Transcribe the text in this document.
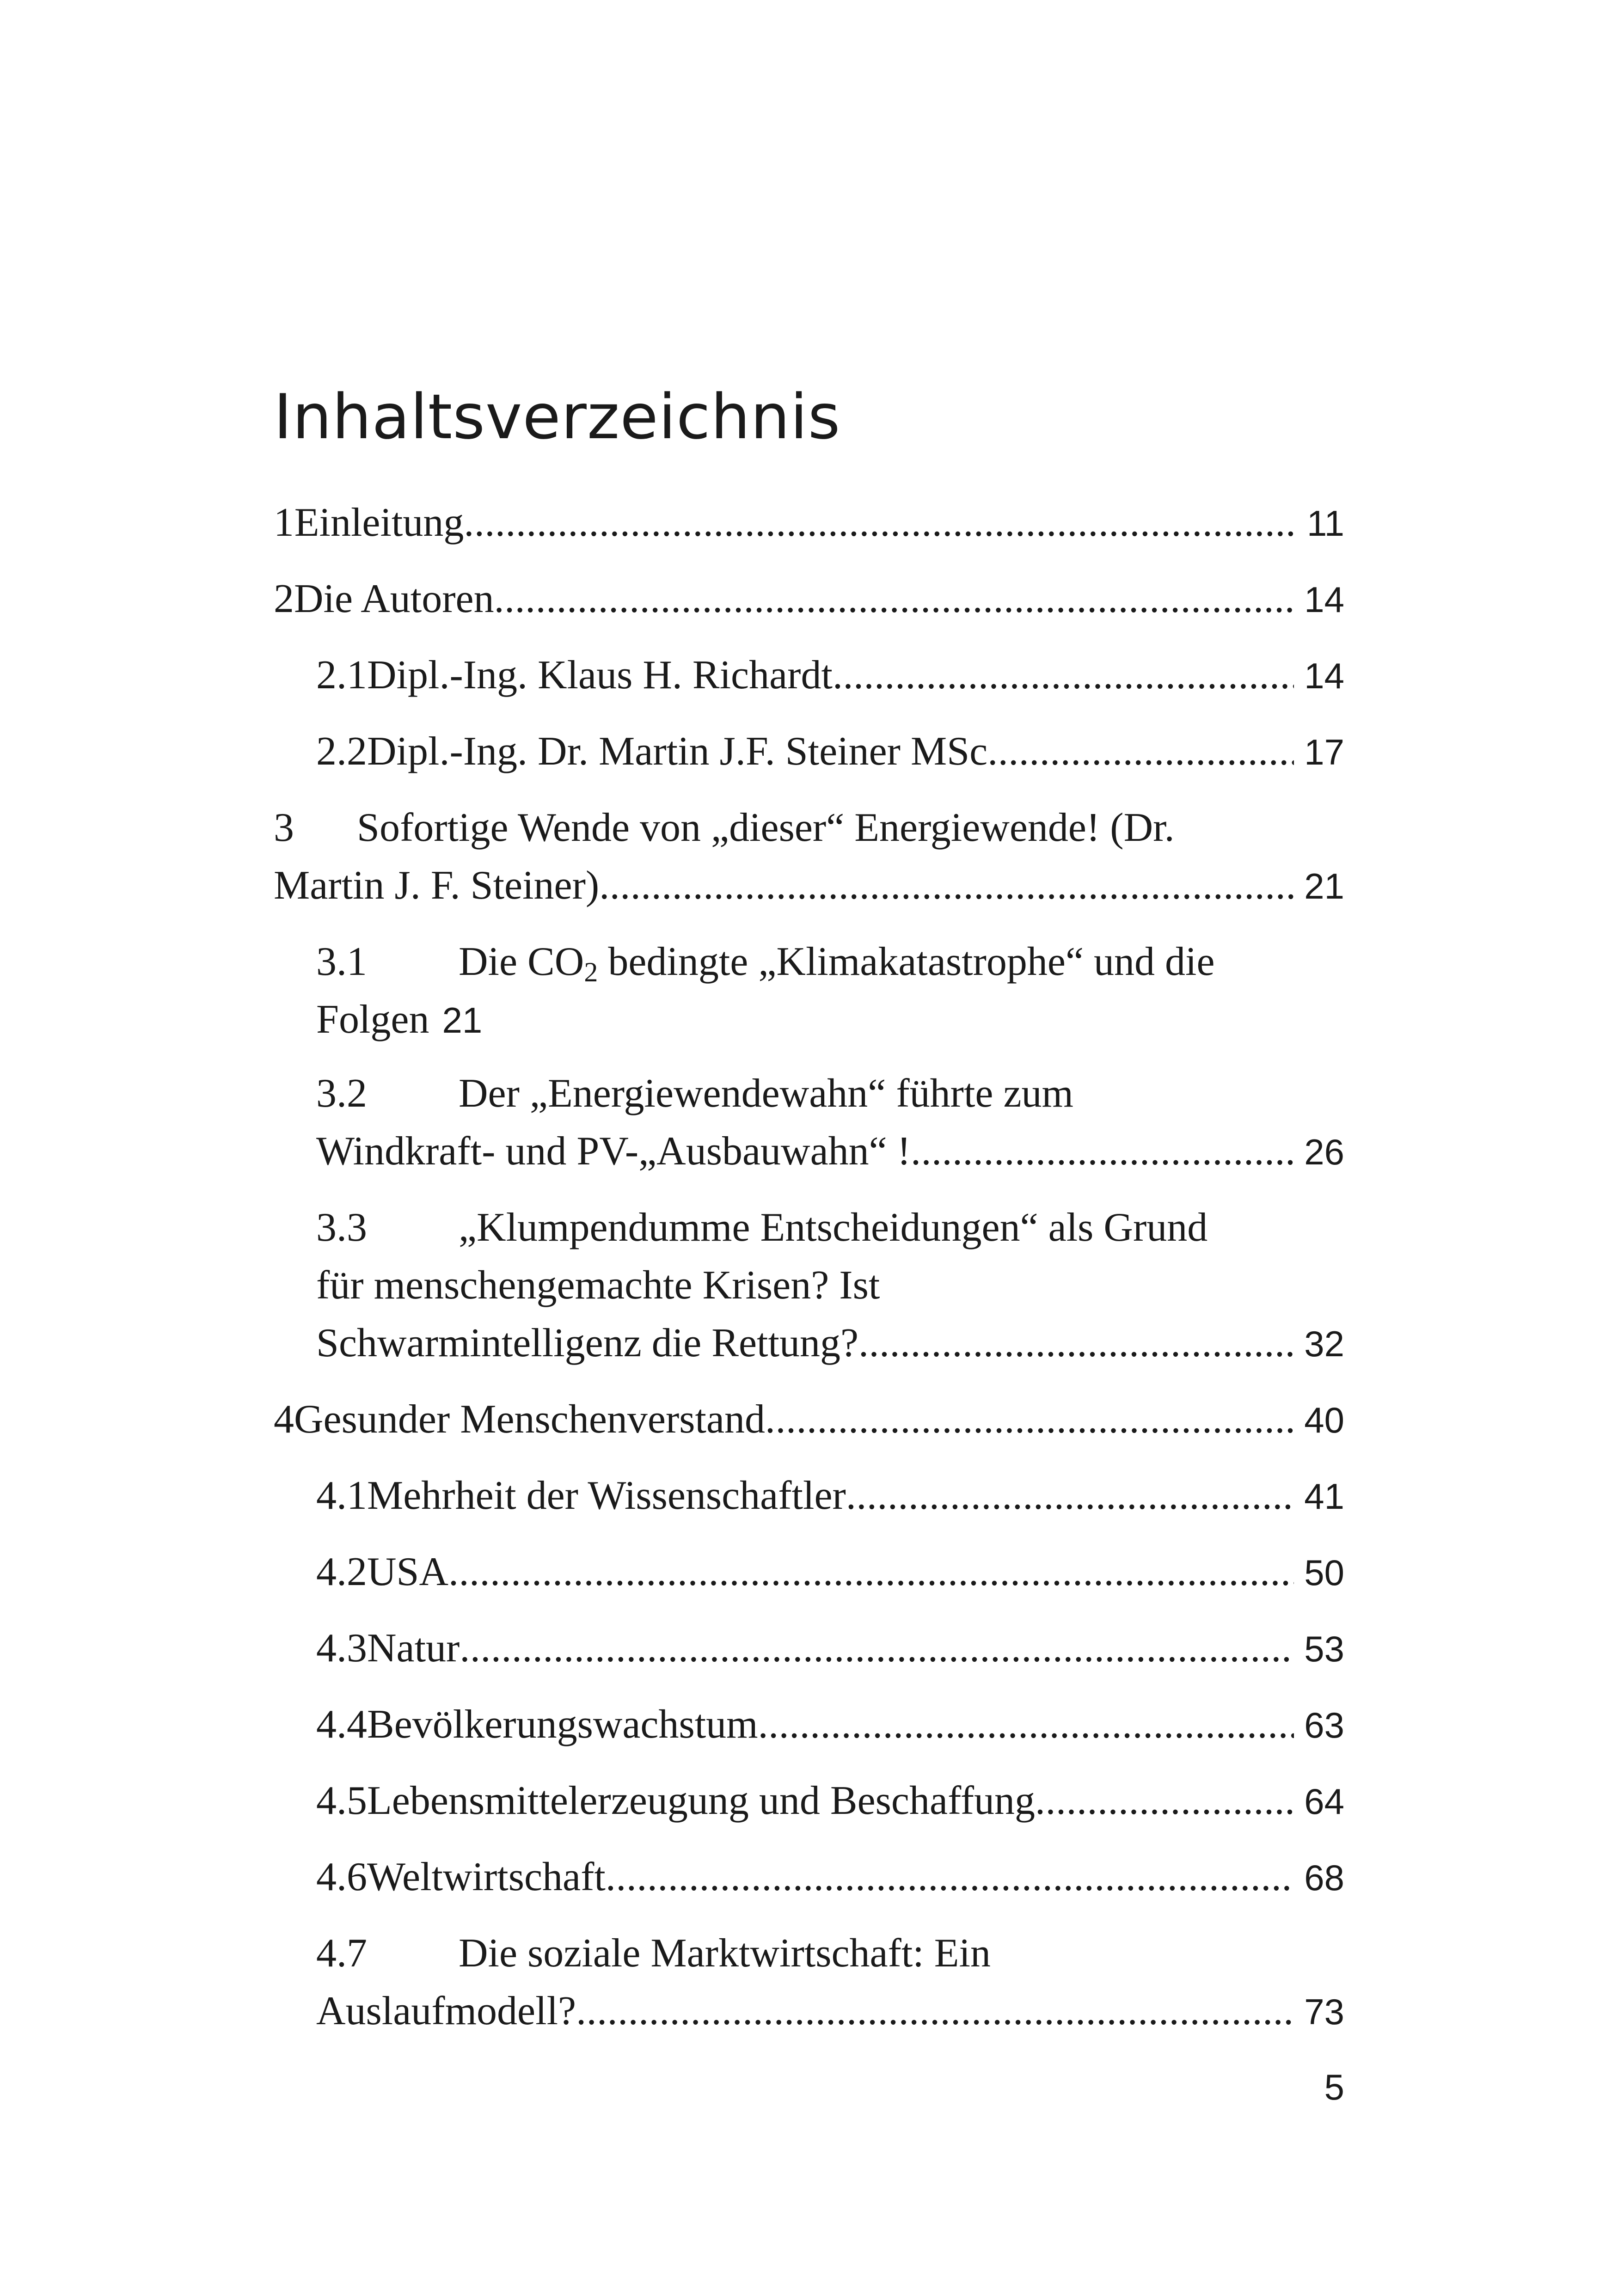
Inhaltsverzeichnis
1 Einleitung .....	11
2 Die Autoren .....	14
2.1 Dipl.-Ing. Klaus H. Richardt .....	14
2.2 Dipl.-Ing. Dr. Martin J.F. Steiner MSc .....	17
3	Sofortige Wende von „dieser“ Energiewende! (Dr.
Martin J. F. Steiner) .....	21
3.1	Die $CO_2$ bedingte „Klimakatastrophe“ und die
Folgen 21
3.2	Der „Energiewendewahn“ führte zum
Windkraft- und PV-„Ausbauwahn“ ! .....	26
3.3	„Klumpendumme Entscheidungen“ als Grund
für menschengemachte Krisen? Ist
Schwarmintelligenz die Rettung? .....	32
4 Gesunder Menschenverstand .....	40
4.1 Mehrheit der Wissenschaftler .....	41
4.2 USA .....	50
4.3 Natur .....	53
4.4 Bevölkerungswachstum .....	63
4.5 Lebensmittelerzeugung und Beschaffung .....	64
4.6 Weltwirtschaft .....	68
4.7	Die soziale Marktwirtschaft: Ein
Auslaufmodell? .....	73
5
